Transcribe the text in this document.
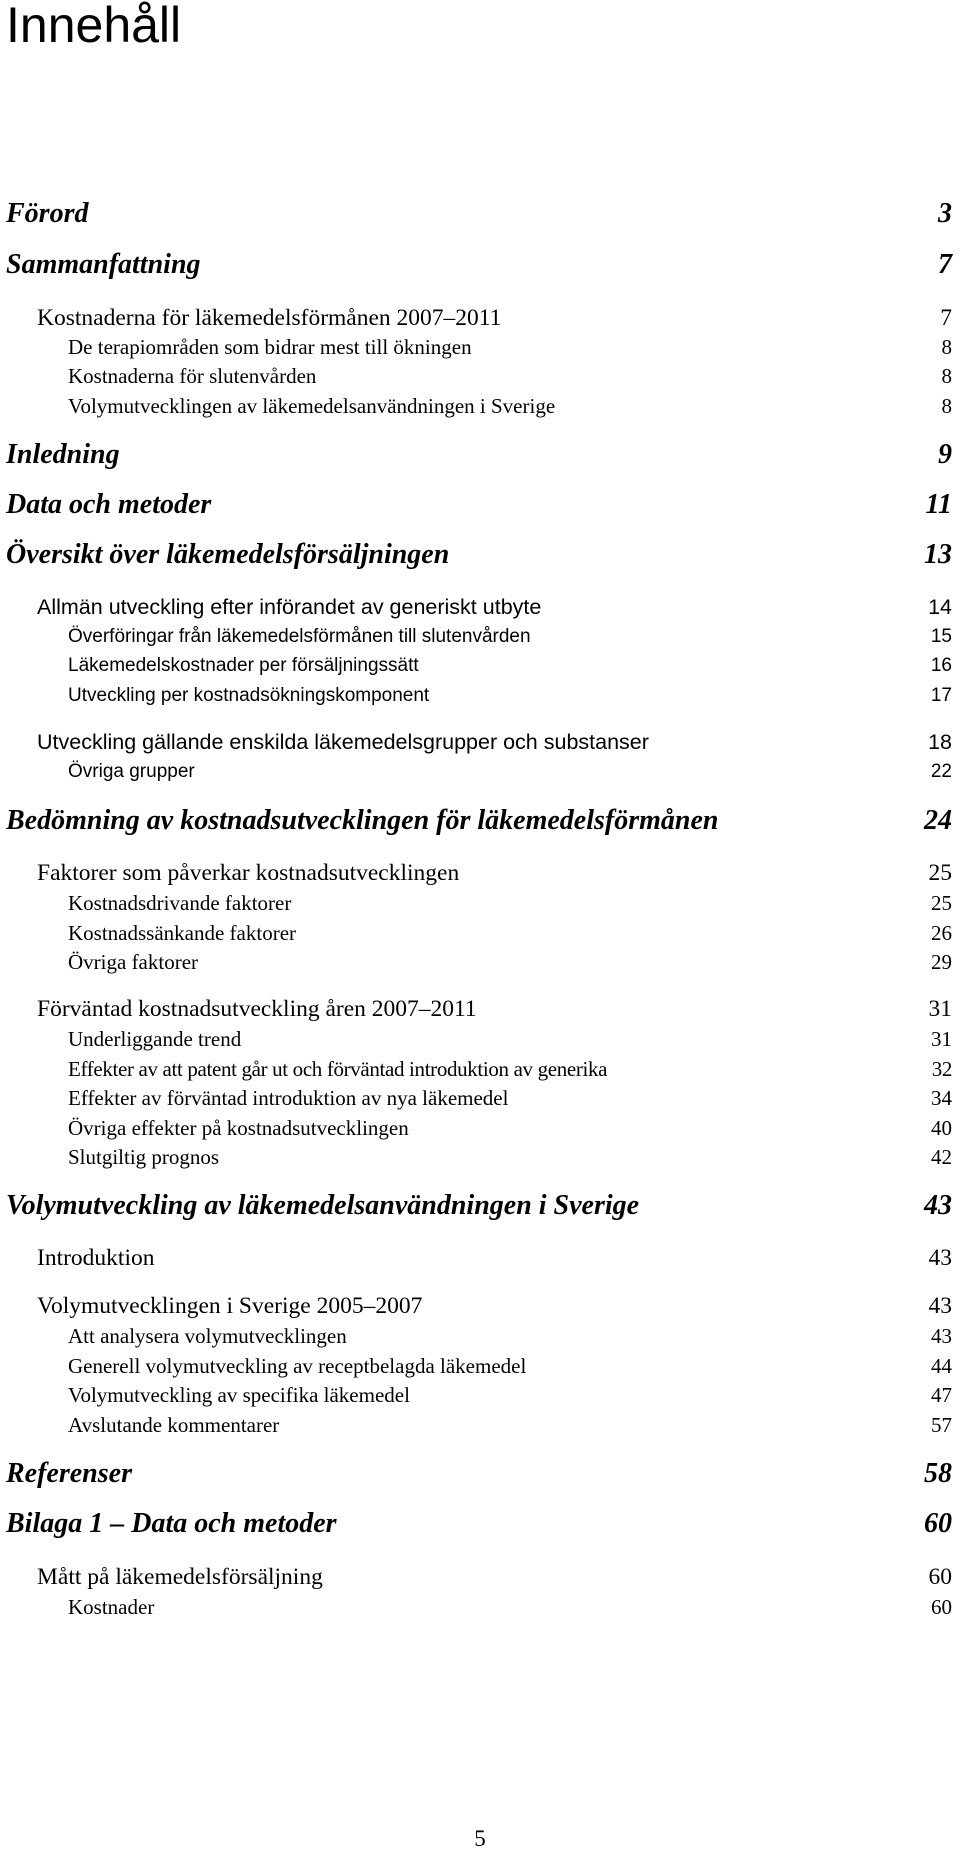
Innehåll
Förord	3
Sammanfattning	7
Kostnaderna för läkemedelsförmånen 2007–2011	7
De terapiområden som bidrar mest till ökningen	8
Kostnaderna för slutenvården	8
Volymutvecklingen av läkemedelsanvändningen i Sverige	8
Inledning	9
Data och metoder	11
Översikt över läkemedelsförsäljningen	13
Allmän utveckling efter införandet av generiskt utbyte	14
Överföringar från läkemedelsförmånen till slutenvården	15
Läkemedelskostnader per försäljningssätt	16
Utveckling per kostnadsökningskomponent	17
Utveckling gällande enskilda läkemedelsgrupper och substanser	18
Övriga grupper	22
Bedömning av kostnadsutvecklingen för läkemedelsförmånen	24
Faktorer som påverkar kostnadsutvecklingen	25
Kostnadsdrivande faktorer	25
Kostnadssänkande faktorer	26
Övriga faktorer	29
Förväntad kostnadsutveckling åren 2007–2011	31
Underliggande trend	31
Effekter av att patent går ut och förväntad introduktion av generika	32
Effekter av förväntad introduktion av nya läkemedel	34
Övriga effekter på kostnadsutvecklingen	40
Slutgiltig prognos	42
Volymutveckling av läkemedelsanvändningen i Sverige	43
Introduktion	43
Volymutvecklingen i Sverige 2005–2007	43
Att analysera volymutvecklingen	43
Generell volymutveckling av receptbelagda läkemedel	44
Volymutveckling av specifika läkemedel	47
Avslutande kommentarer	57
Referenser	58
Bilaga 1 – Data och metoder	60
Mått på läkemedelsförsäljning	60
Kostnader	60
5
